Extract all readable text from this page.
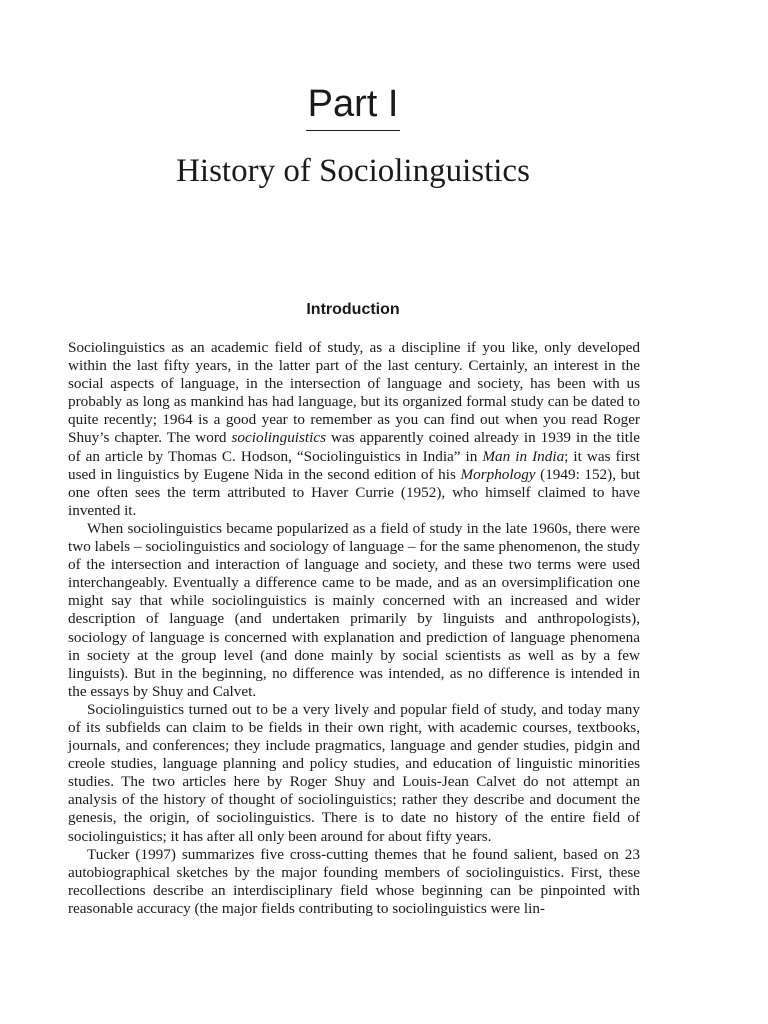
Part I
History of Sociolinguistics
Introduction

Sociolinguistics as an academic field of study, as a discipline if you like, only developed within the last fifty years, in the latter part of the last century. Certainly, an interest in the social aspects of language, in the intersection of language and society, has been with us probably as long as mankind has had language, but its organized formal study can be dated to quite recently; 1964 is a good year to remember as you can find out when you read Roger Shuy’s chapter. The word sociolinguistics was apparently coined already in 1939 in the title of an article by Thomas C. Hodson, “Sociolinguistics in India” in Man in India; it was first used in linguistics by Eugene Nida in the second edition of his Morphology (1949: 152), but one often sees the term attributed to Haver Currie (1952), who himself claimed to have invented it.

When sociolinguistics became popularized as a field of study in the late 1960s, there were two labels – sociolinguistics and sociology of language – for the same phenomenon, the study of the intersection and interaction of language and society, and these two terms were used interchangeably. Eventually a difference came to be made, and as an oversimplification one might say that while sociolinguistics is mainly concerned with an increased and wider description of language (and undertaken primarily by linguists and anthropologists), sociology of language is concerned with explanation and prediction of language phenomena in society at the group level (and done mainly by social scientists as well as by a few linguists). But in the beginning, no difference was intended, as no difference is intended in the essays by Shuy and Calvet.

Sociolinguistics turned out to be a very lively and popular field of study, and today many of its subfields can claim to be fields in their own right, with academic courses, textbooks, journals, and conferences; they include pragmatics, language and gender studies, pidgin and creole studies, language planning and policy studies, and education of linguistic minorities studies. The two articles here by Roger Shuy and Louis-Jean Calvet do not attempt an analysis of the history of thought of sociolinguistics; rather they describe and document the genesis, the origin, of sociolinguistics. There is to date no history of the entire field of sociolinguistics; it has after all only been around for about fifty years.

Tucker (1997) summarizes five cross-cutting themes that he found salient, based on 23 autobiographical sketches by the major founding members of sociolinguistics. First, these recollections describe an interdisciplinary field whose beginning can be pinpointed with reasonable accuracy (the major fields contributing to sociolinguistics were lin-
